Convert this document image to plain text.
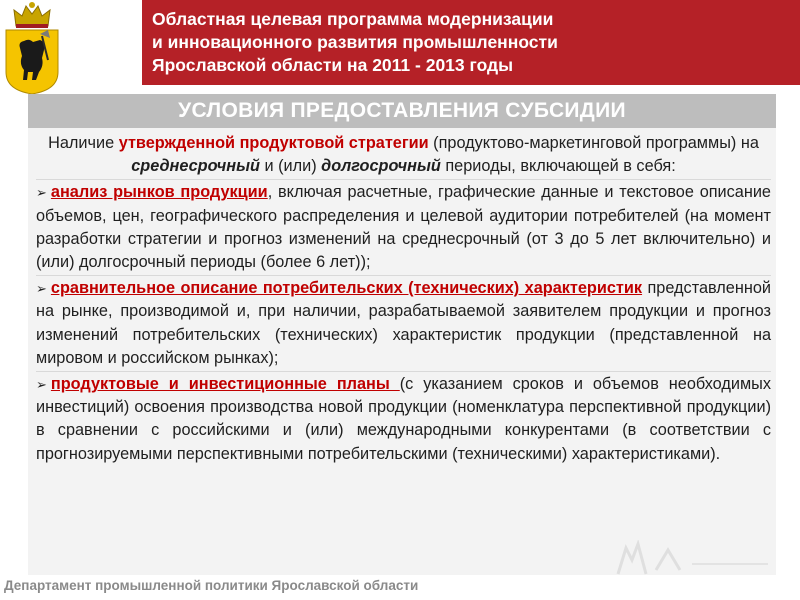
Областная целевая программа модернизации
и инновационного развития промышленности
Ярославской области на 2011 - 2013 годы
УСЛОВИЯ ПРЕДОСТАВЛЕНИЯ СУБСИДИИ

Наличие утвержденной продуктовой стратегии (продуктово-маркетинговой программы) на среднесрочный и (или) долгосрочный периоды, включающей в себя:

➢ анализ рынков продукции, включая расчетные, графические данные и текстовое описание объемов, цен, географического распределения и целевой аудитории потребителей (на момент разработки стратегии и прогноз изменений на среднесрочный (от 3 до 5 лет включительно) и (или) долгосрочный периоды (более 6 лет));

➢ сравнительное описание потребительских (технических) характеристик представленной на рынке, производимой и, при наличии, разрабатываемой заявителем продукции и прогноз изменений потребительских (технических) характеристик продукции (представленной на мировом и российском рынках);

➢ продуктовые и инвестиционные планы (с указанием сроков и объемов необходимых инвестиций) освоения производства новой продукции (номенклатура перспективной продукции) в сравнении с российскими и (или) международными конкурентами (в соответствии с прогнозируемыми перспективными потребительскими (техническими) характеристиками).

Департамент промышленной политики Ярославской области
